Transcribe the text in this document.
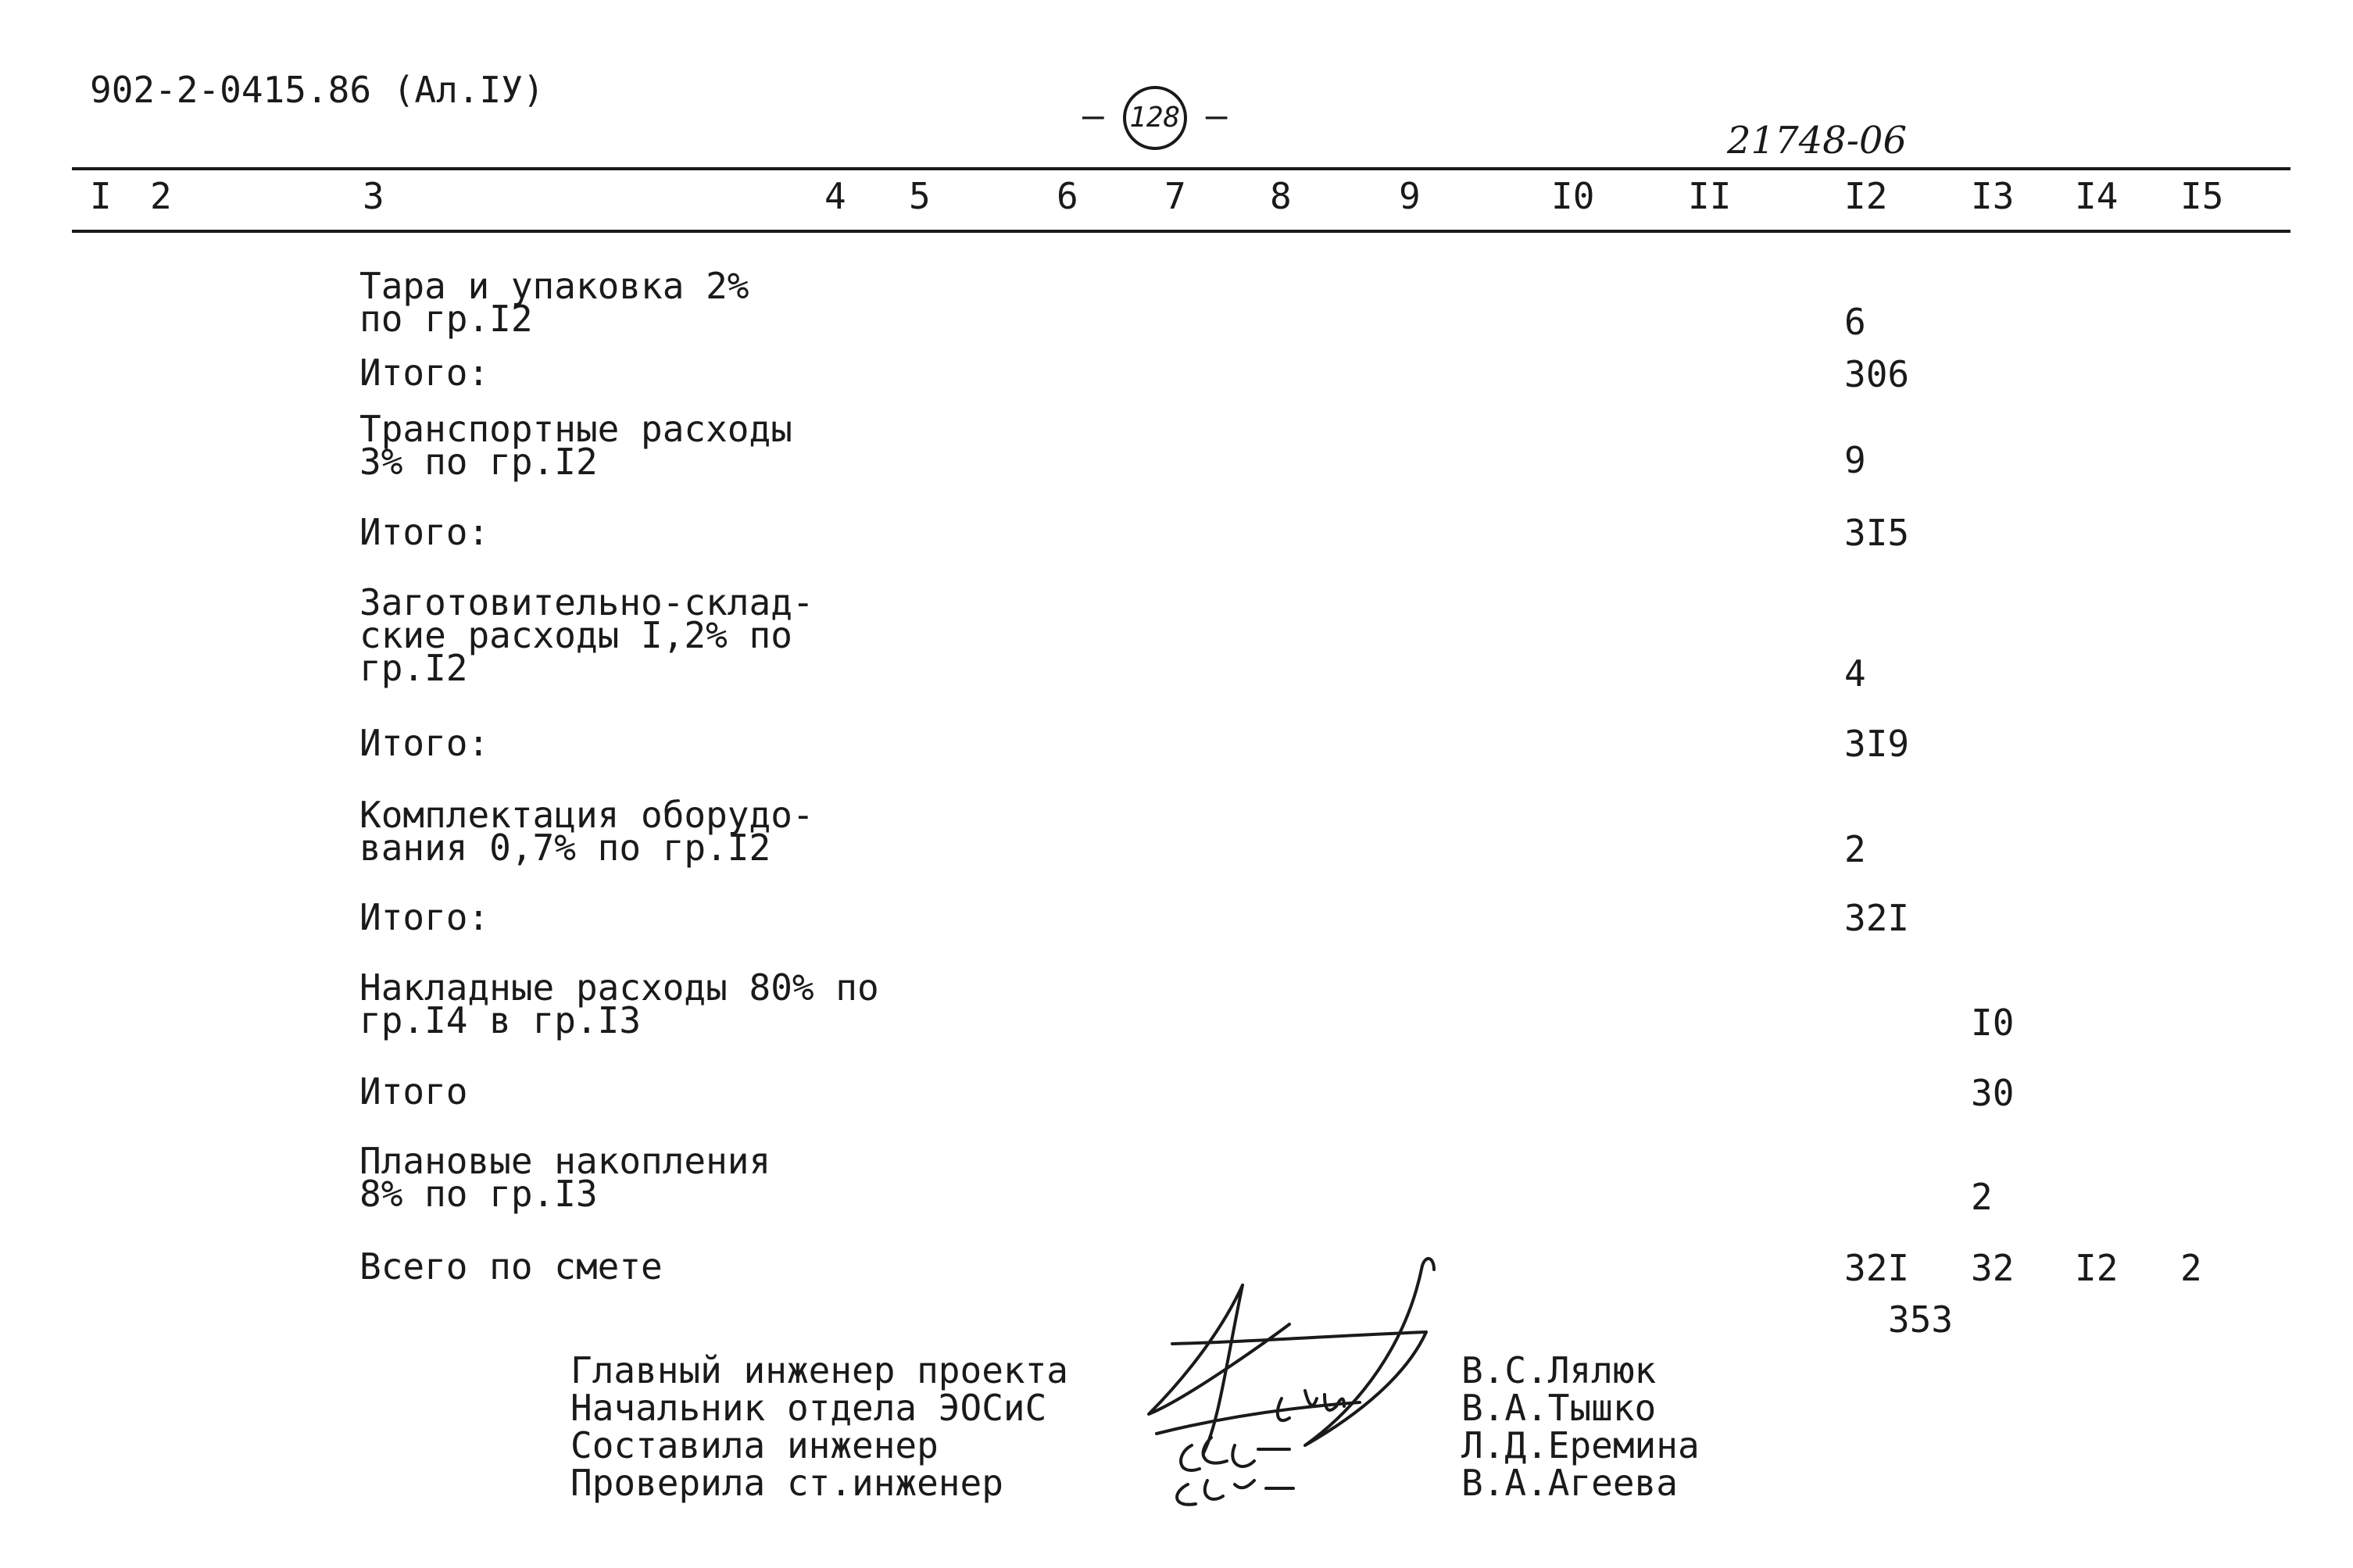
902-2-0415.86 (Ал.IУ)
– 128 –
21748-06
I 2	3	4 5	6 7 8	9	I0	II	I2 I3 I4 I5
Тара и упаковка 2%
по гр.I2	6
Итого:	306
Транспортные расходы
3% по гр.I2	9
Итого:	3I5
Заготовительно-склад-
ские расходы I,2% по
гр.I2	4
Итого:	3I9
Комплектация оборудо-
вания 0,7% по гр.I2	2
Итого:	32I
Накладные расходы 80% по
гр.I4 в гр.I3	I0
Итого	30
Плановые накопления
8% по гр.I3	2
Всего по смете	32I 32 I2 2
353
Главный инженер проекта
Начальник отдела ЭОСиС
Составила инженер
Проверила ст.инженер
В.С.Лялюк
В.А.Тышко
Л.Д.Еремина
В.А.Агеева
